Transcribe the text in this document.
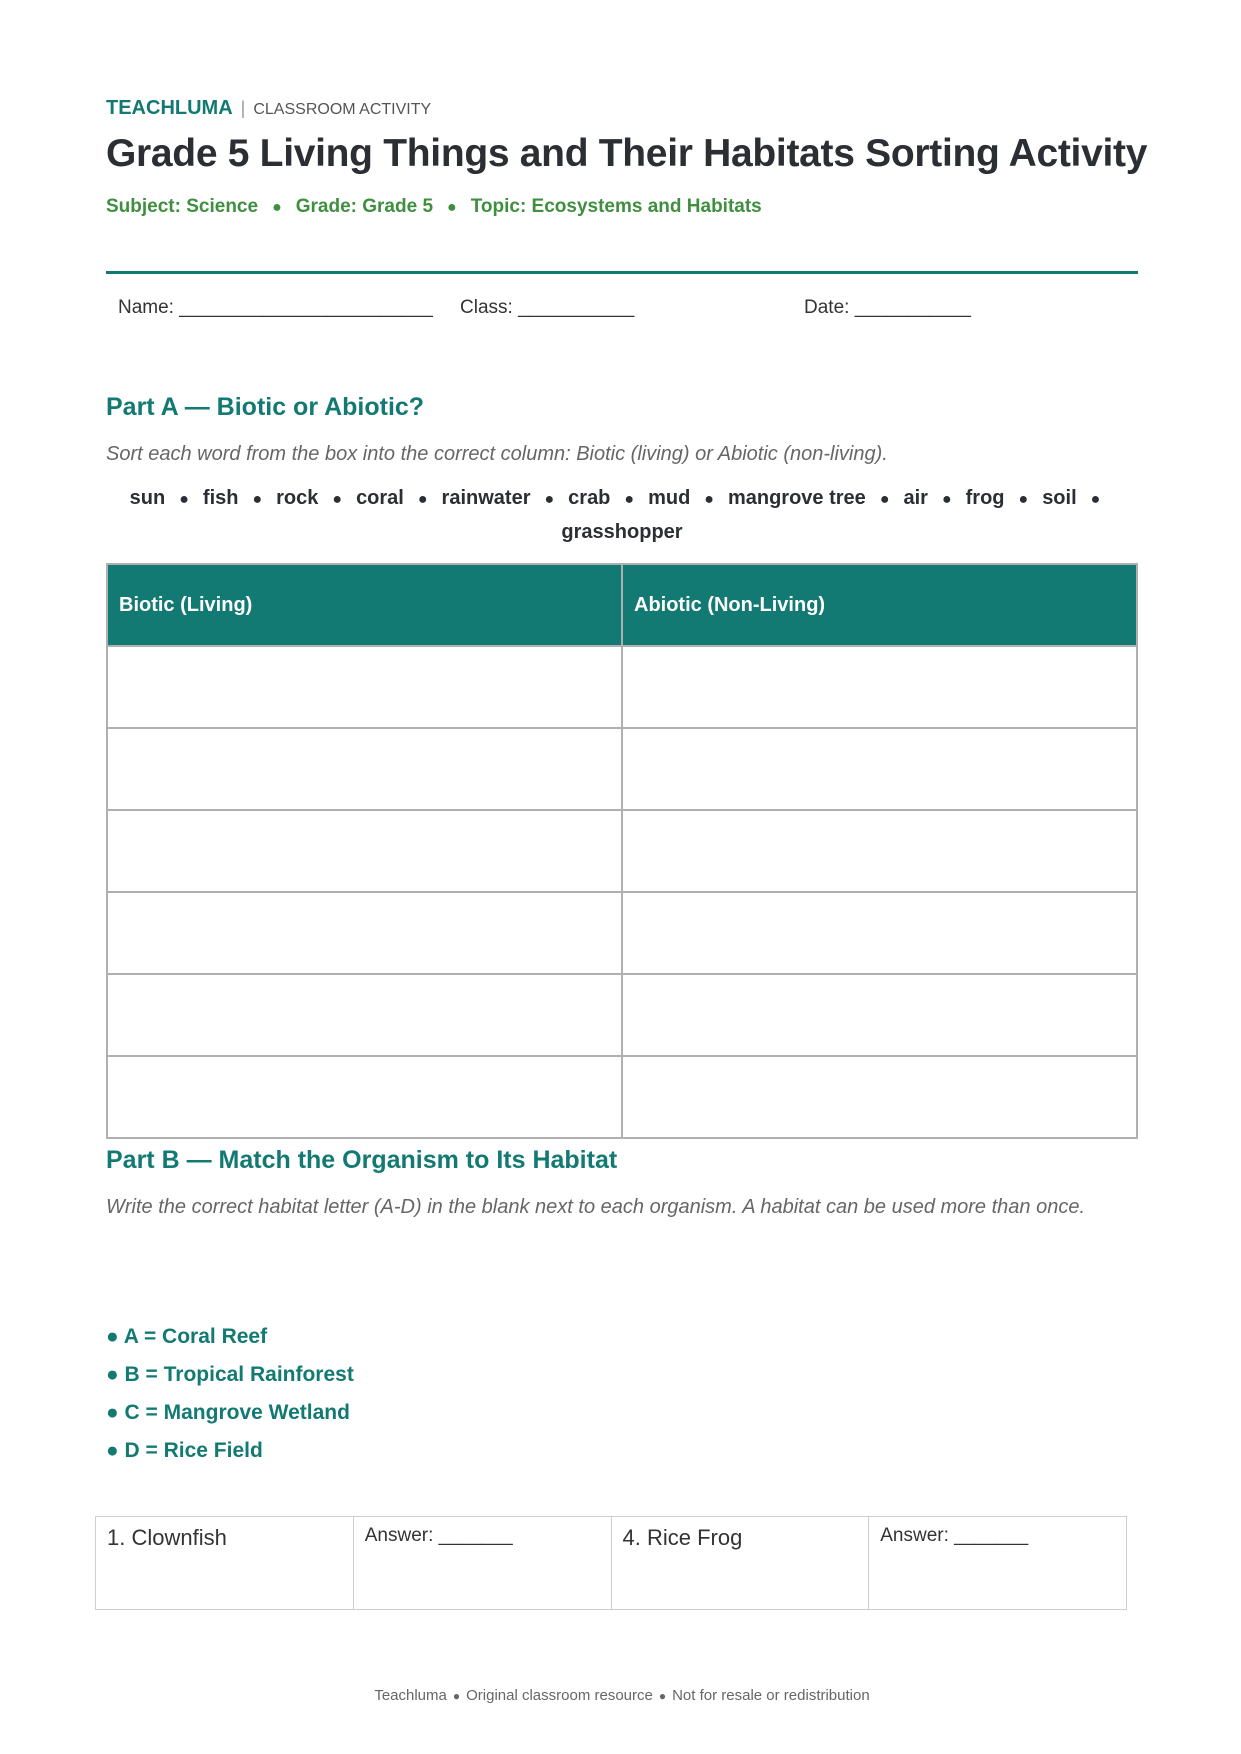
TEACHLUMA | CLASSROOM ACTIVITY
Grade 5 Living Things and Their Habitats Sorting Activity
Subject: Science ● Grade: Grade 5 ● Topic: Ecosystems and Habitats
Name: ________________________ Class: ___________	Date: ___________
Part A — Biotic or Abiotic?
Sort each word from the box into the correct column: Biotic (living) or Abiotic (non-living).
sun ● fish ● rock ● coral ● rainwater ● crab ● mud ● mangrove tree ● air ● frog ● soil ●
grasshopper
Biotic (Living)	Abiotic (Non-Living)

Part B — Match the Organism to Its Habitat
Write the correct habitat letter (A-D) in the blank next to each organism. A habitat can be used more than once.
● A = Coral Reef
● B = Tropical Rainforest
● C = Mangrove Wetland
● D = Rice Field
1. Clownfish	Answer: _______	4. Rice Frog	Answer: _______
Teachluma ● Original classroom resource ● Not for resale or redistribution
